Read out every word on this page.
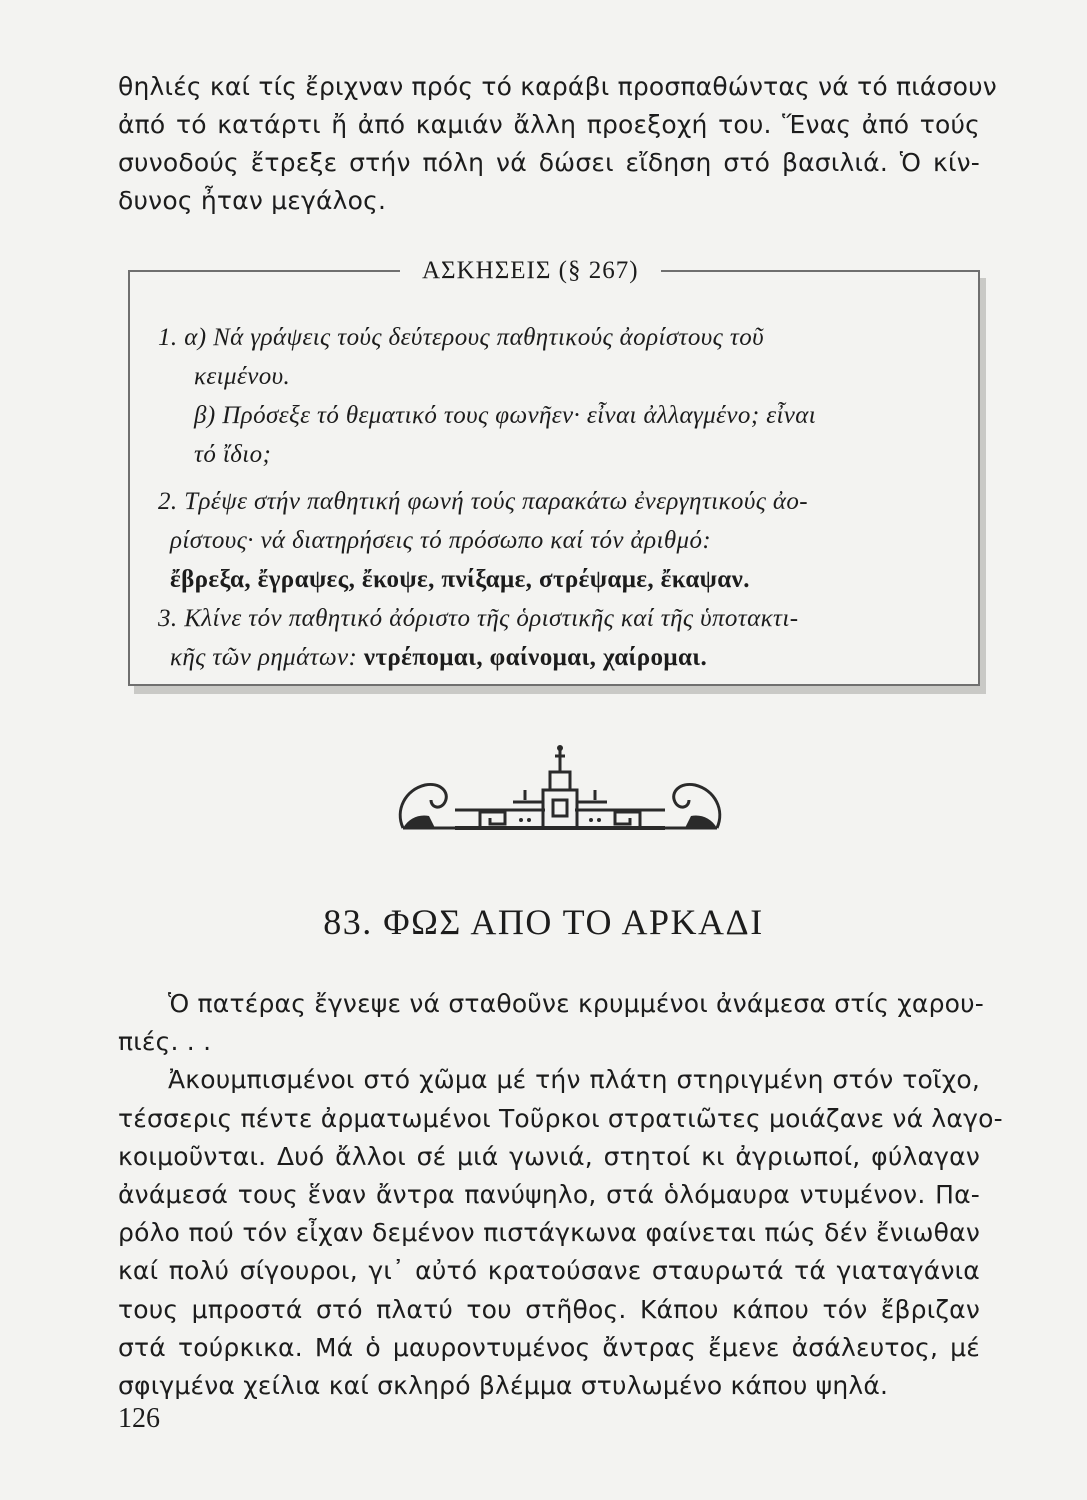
θηλιές καί τίς ἔριχναν πρός τό καράβι προσπαθώντας νά τό πιάσουν
ἀπό τό κατάρτι ἤ ἀπό καμιάν ἄλλη προεξοχή του. Ἕνας ἀπό τούς
συνοδούς ἔτρεξε στήν πόλη νά δώσει εἴδηση στό βασιλιά. Ὁ κίν-
δυνος ἦταν μεγάλος.
ΑΣΚΗΣΕΙΣ (§ 267)
1. α) Νά γράψεις τούς δεύτερους παθητικούς ἀορίστους τοῦ
κειμένου.
β) Πρόσεξε τό θεματικό τους φωνῆεν· εἶναι ἀλλαγμένο; εἶναι
τό ἴδιο;
2. Τρέψε στήν παθητική φωνή τούς παρακάτω ἐνεργητικούς ἀο-
ρίστους· νά διατηρήσεις τό πρόσωπο καί τόν ἀριθμό:
ἔβρεξα, ἔγραψες, ἔκοψε, πνίξαμε, στρέψαμε, ἔκαψαν.
3. Κλίνε τόν παθητικό ἀόριστο τῆς ὁριστικῆς καί τῆς ὑποτακτι-
κῆς τῶν ρημάτων: ντρέπομαι, φαίνομαι, χαίρομαι.
83. ΦΩΣ ΑΠΟ ΤΟ ΑΡΚΑΔΙ
Ὁ πατέρας ἔγνεψε νά σταθοῦνε κρυμμένοι ἀνάμεσα στίς χαρου-
πιές. . .
Ἀκουμπισμένοι στό χῶμα μέ τήν πλάτη στηριγμένη στόν τοῖχο,
τέσσερις πέντε ἀρματωμένοι Τοῦρκοι στρατιῶτες μοιάζανε νά λαγο-
κοιμοῦνται. Δυό ἄλλοι σέ μιά γωνιά, στητοί κι ἀγριωποί, φύλαγαν
ἀνάμεσά τους ἕναν ἄντρα πανύψηλο, στά ὁλόμαυρα ντυμένον. Πα-
ρόλο πού τόν εἶχαν δεμένον πιστάγκωνα φαίνεται πώς δέν ἔνιωθαν
καί πολύ σίγουροι, γι᾿ αὐτό κρατούσανε σταυρωτά τά γιαταγάνια
τους μπροστά στό πλατύ του στῆθος. Κάπου κάπου τόν ἔβριζαν
στά τούρκικα. Μά ὁ μαυροντυμένος ἄντρας ἔμενε ἀσάλευτος, μέ
σφιγμένα χείλια καί σκληρό βλέμμα στυλωμένο κάπου ψηλά.
126
